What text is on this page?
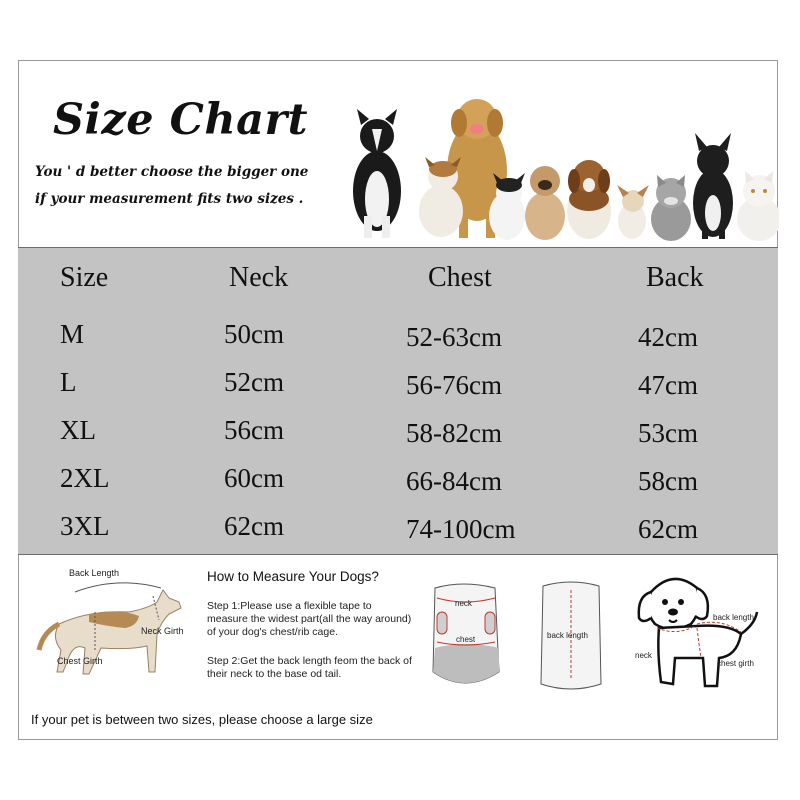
Size Chart
You ' d better choose the bigger one
if your measurement fits two sizes .
Size	Neck	Chest	Back
M	50cm	52-63cm	42cm
L	52cm	56-76cm	47cm
XL	56cm	58-82cm	53cm
2XL	60cm	66-84cm	58cm
3XL	62cm	74-100cm	62cm
Back Length
Neck Girth
Chest Girth
How to Measure Your Dogs?
Step 1:Please use a flexible tape to measure the widest part(all the way around) of your dog's chest/rib cage.
Step 2:Get the back length feom the back of their neck to the base od tail.
neck
chest	back length
back length
neck
chest girth
If your pet is between two sizes, please choose a large size
